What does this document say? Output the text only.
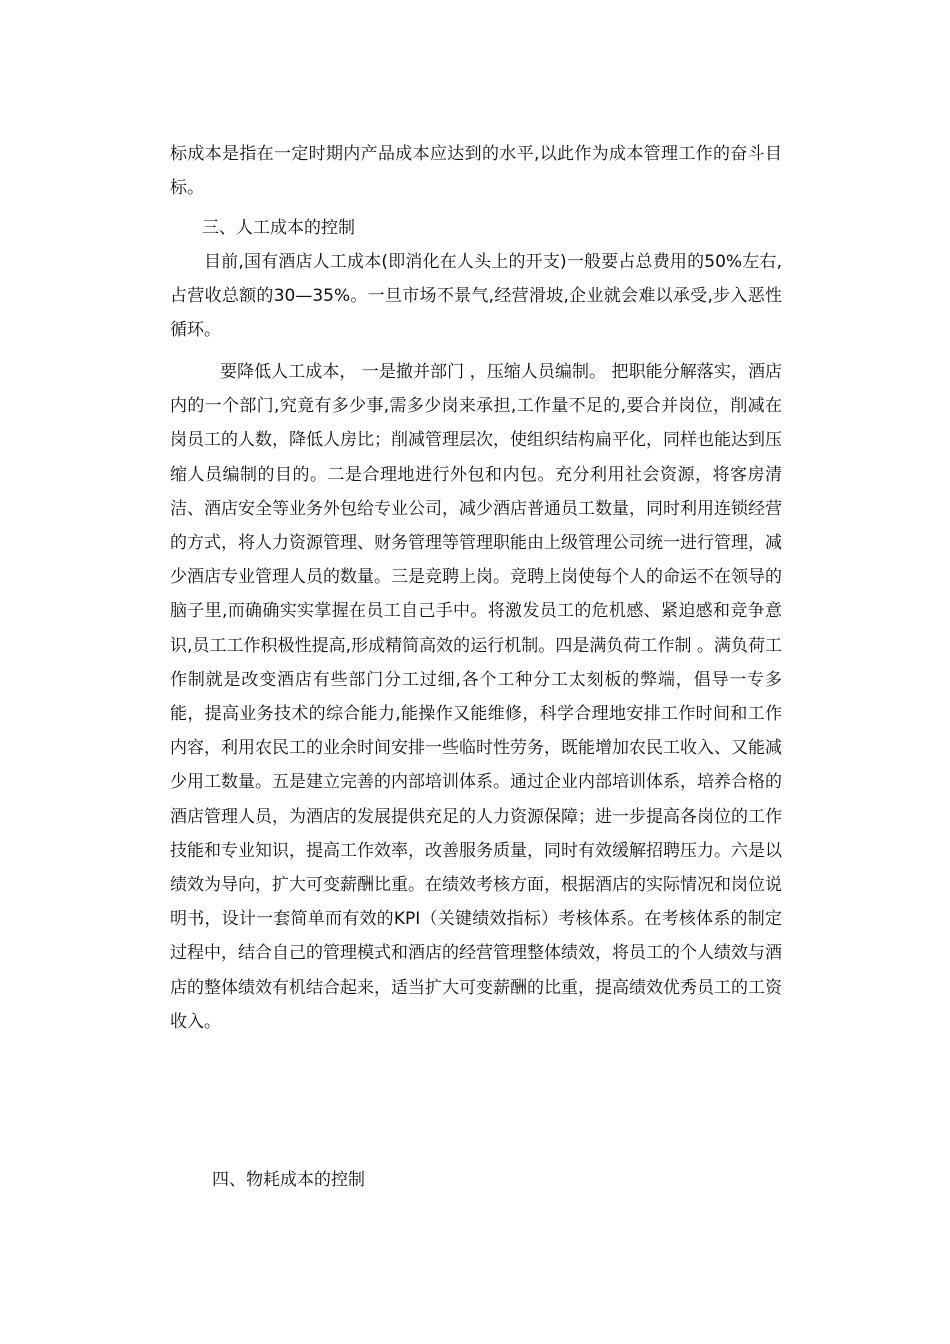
标成本是指在一定时期内产品成本应达到的水平,以此作为成本管理工作的奋斗目标。

三、人工成本的控制

目前,国有酒店人工成本(即消化在人头上的开支)一般要占总费用的50%左右,占营收总额的30—35%。一旦市场不景气,经营滑坡,企业就会难以承受,步入恶性循环。

要降低人工成本， 一是撤并部门 ，压缩人员编制。 把职能分解落实，酒店内的一个部门,究竟有多少事,需多少岗来承担,工作量不足的,要合并岗位，削减在岗员工的人数，降低人房比；削减管理层次，使组织结构扁平化，同样也能达到压缩人员编制的目的。二是合理地进行外包和内包。充分利用社会资源，将客房清洁、酒店安全等业务外包给专业公司，减少酒店普通员工数量，同时利用连锁经营的方式，将人力资源管理、财务管理等管理职能由上级管理公司统一进行管理，减少酒店专业管理人员的数量。三是竞聘上岗。竞聘上岗使每个人的命运不在领导的脑子里,而确确实实掌握在员工自己手中。将激发员工的危机感、紧迫感和竞争意识,员工工作积极性提高,形成精简高效的运行机制。四是满负荷工作制 。满负荷工作制就是改变酒店有些部门分工过细,各个工种分工太刻板的弊端，倡导一专多能，提高业务技术的综合能力,能操作又能维修，科学合理地安排工作时间和工作内容，利用农民工的业余时间安排一些临时性劳务，既能增加农民工收入、又能减少用工数量。五是建立完善的内部培训体系。通过企业内部培训体系，培养合格的酒店管理人员，为酒店的发展提供充足的人力资源保障；进一步提高各岗位的工作技能和专业知识，提高工作效率，改善服务质量，同时有效缓解招聘压力。六是以绩效为导向，扩大可变薪酬比重。在绩效考核方面，根据酒店的实际情况和岗位说明书，设计一套简单而有效的KPI（关键绩效指标）考核体系。在考核体系的制定过程中，结合自己的管理模式和酒店的经营管理整体绩效，将员工的个人绩效与酒店的整体绩效有机结合起来，适当扩大可变薪酬的比重，提高绩效优秀员工的工资收入。

四、物耗成本的控制
